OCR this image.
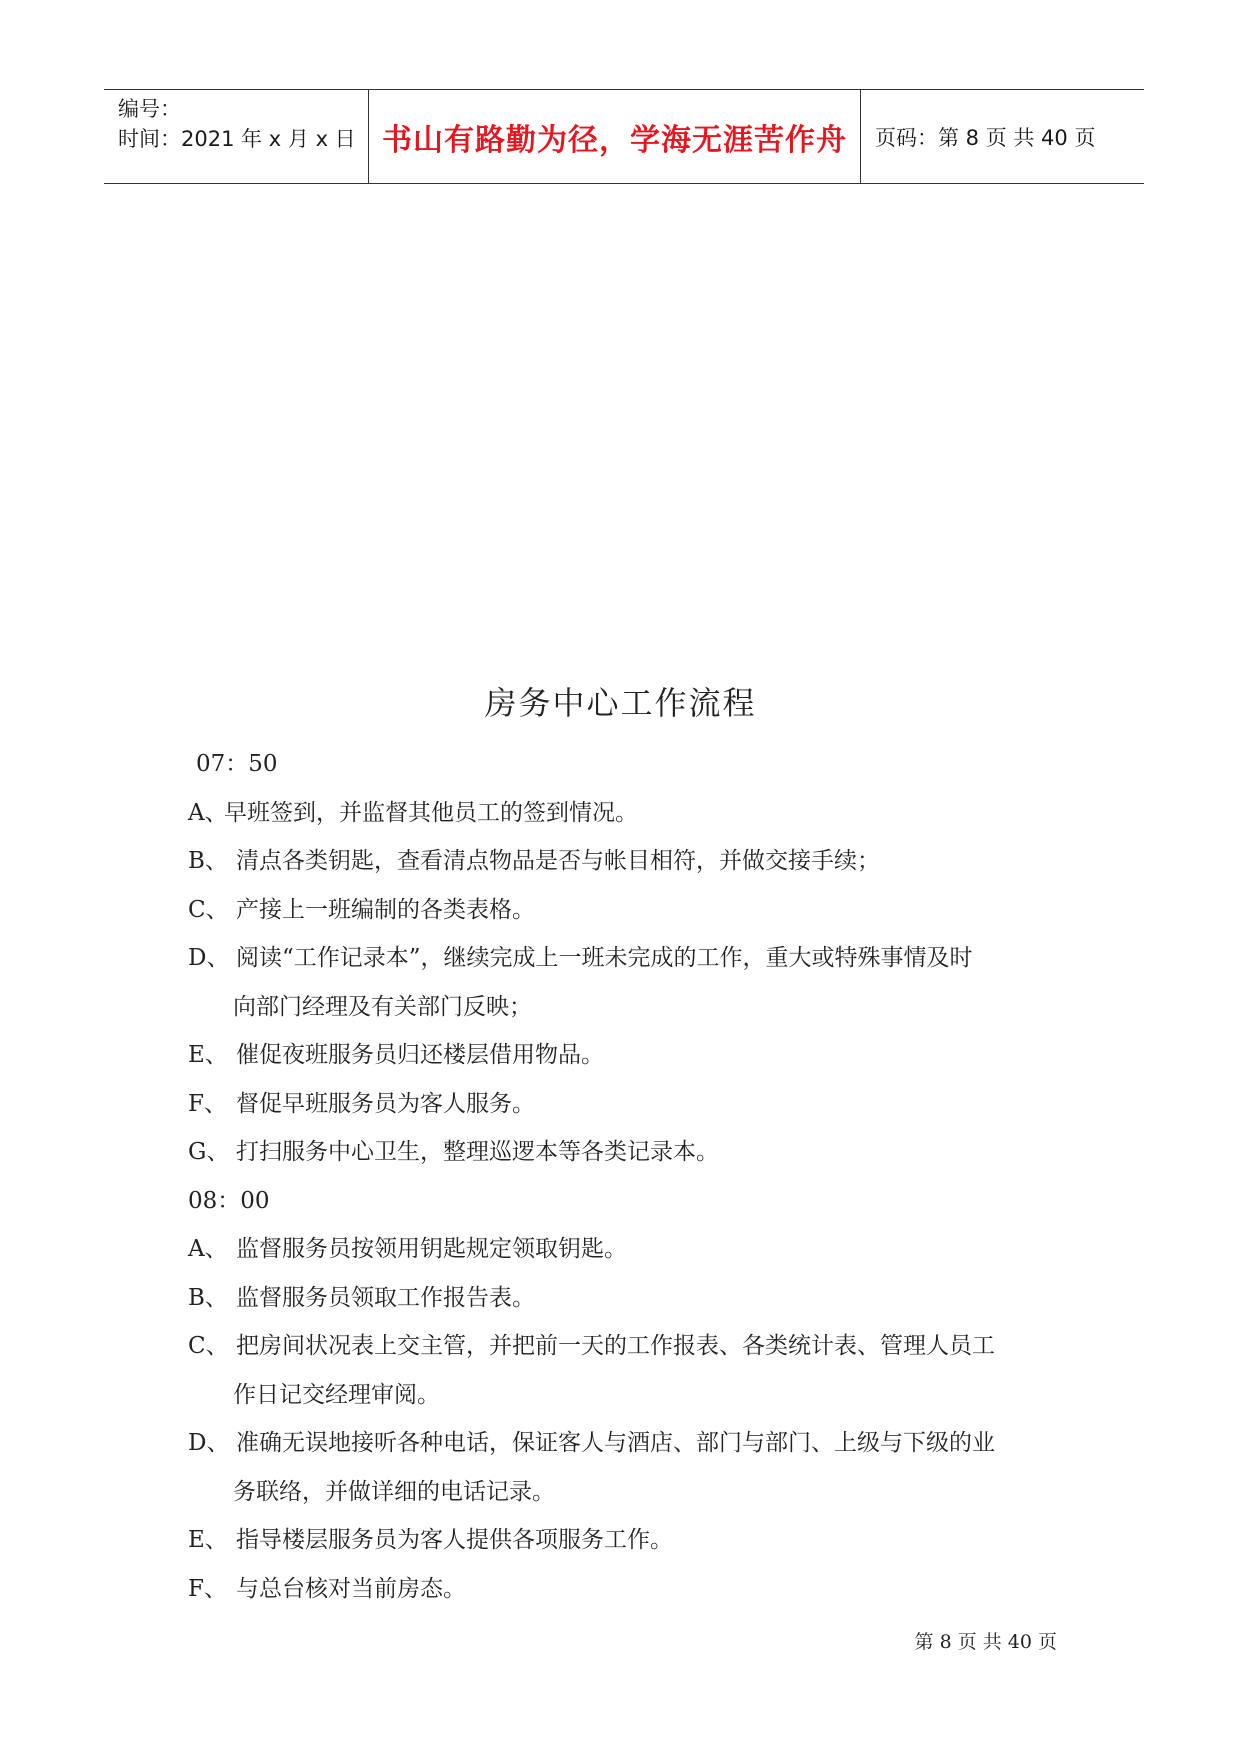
编号：
时间：2021 年 x 月 x 日 书山有路勤为径，学海无涯苦作舟 页码：第 8 页 共 40 页
房务中心工作流程
07：50
A、早班签到，并监督其他员工的签到情况。
B、 清点各类钥匙，查看清点物品是否与帐目相符，并做交接手续；
C、 产接上一班编制的各类表格。
D、 阅读“工作记录本”，继续完成上一班未完成的工作，重大或特殊事情及时
向部门经理及有关部门反映；
E、 催促夜班服务员归还楼层借用物品。
F、 督促早班服务员为客人服务。
G、 打扫服务中心卫生，整理巡逻本等各类记录本。
08：00
A、 监督服务员按领用钥匙规定领取钥匙。
B、 监督服务员领取工作报告表。
C、 把房间状况表上交主管，并把前一天的工作报表、各类统计表、管理人员工
作日记交经理审阅。
D、 准确无误地接听各种电话，保证客人与酒店、部门与部门、上级与下级的业
务联络，并做详细的电话记录。
E、 指导楼层服务员为客人提供各项服务工作。
F、 与总台核对当前房态。
第 8 页 共 40 页
